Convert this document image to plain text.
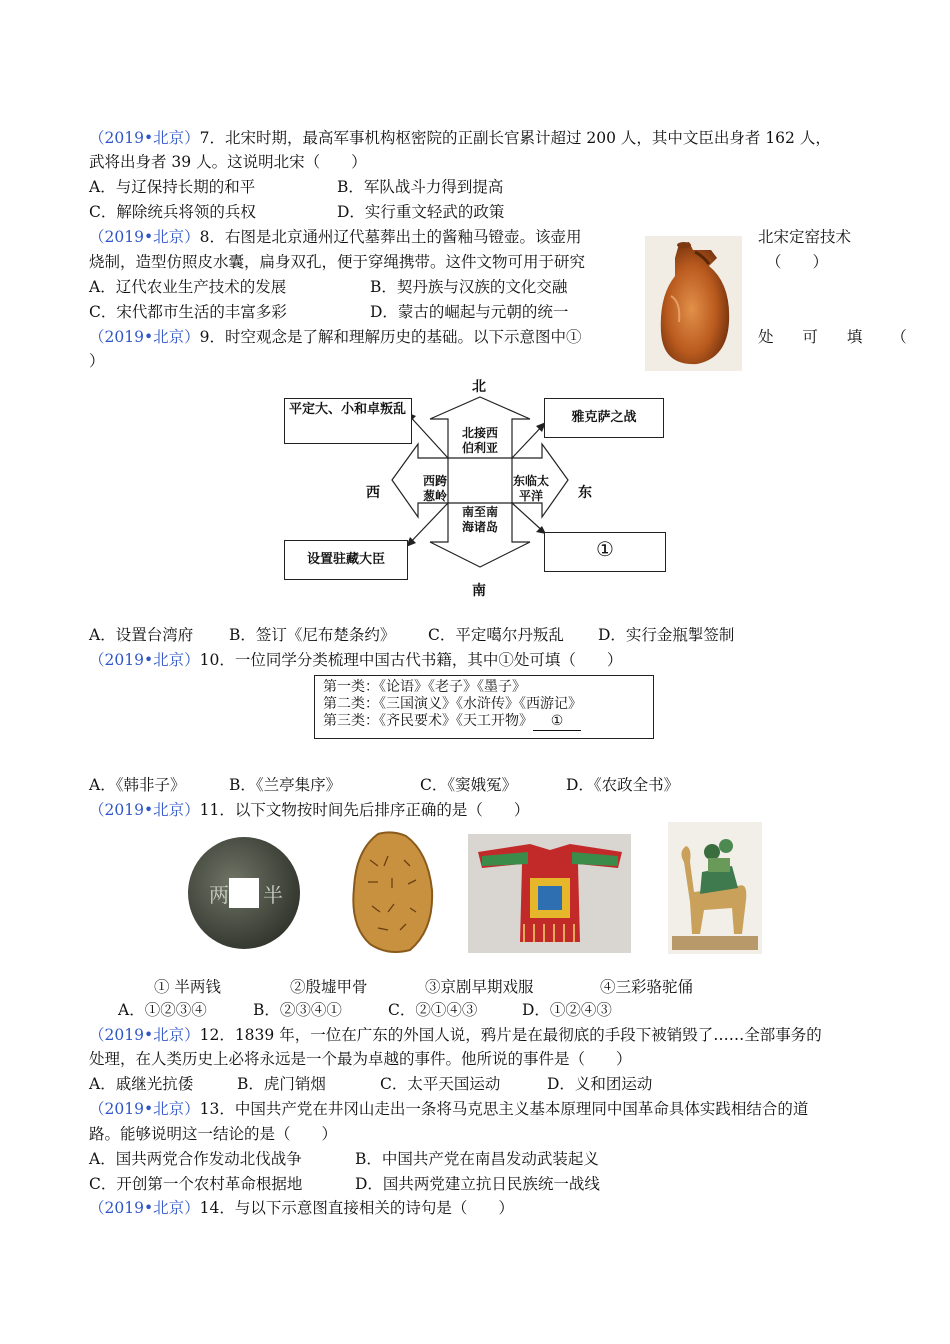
（2019•北京）7．北宋时期，最高军事机构枢密院的正副长官累计超过 200 人，其中文臣出身者 162 人，
武将出身者 39 人。这说明北宋（　　）
A．与辽保持长期的和平	B．军队战斗力得到提高
C．解除统兵将领的兵权	D．实行重文轻武的政策
（2019•北京）8．右图是北京通州辽代墓葬出土的酱釉马镫壶。该壶用	北宋定窑技术
烧制，造型仿照皮水囊，扁身双孔，便于穿绳携带。这件文物可用于研究	（　　）
A．辽代农业生产技术的发展	B．契丹族与汉族的文化交融
C．宋代都市生活的丰富多彩	D．蒙古的崛起与元朝的统一
（2019•北京）9．时空观念是了解和理解历史的基础。以下示意图中①	处 可 填 （
）
北
南
西	东
北接西伯利亚
西跨葱岭
东临太平洋
南至南海诸岛
平定大、小和卓叛乱
雅克萨之战
设置驻藏大臣	①
A．设置台湾府 B．签订《尼布楚条约》 C．平定噶尔丹叛乱 D．实行金瓶掣签制
（2019•北京）10．一位同学分类梳理中国古代书籍，其中①处可填（　　）
第一类：《论语》《老子》《墨子》
第二类：《三国演义》《水浒传》《西游记》
第三类：《齐民要术》《天工开物》 ①
A．《韩非子》	B．《兰亭集序》	C．《窦娥冤》	D．《农政全书》
（2019•北京）11．以下文物按时间先后排序正确的是（　　）
两 半
① 半两钱	②殷墟甲骨	③京剧早期戏服	④三彩骆驼俑
A．①②③④	B．②③④①	C．②①④③	D．①②④③
（2019•北京）12．1839 年，一位在广东的外国人说，鸦片是在最彻底的手段下被销毁了……全部事务的
处理，在人类历史上必将永远是一个最为卓越的事件。他所说的事件是（　　）
A．戚继光抗倭	B．虎门销烟	C．太平天国运动	D．义和团运动
（2019•北京）13．中国共产党在井冈山走出一条将马克思主义基本原理同中国革命具体实践相结合的道
路。能够说明这一结论的是（　　）
A．国共两党合作发动北伐战争	B．中国共产党在南昌发动武装起义
C．开创第一个农村革命根据地	D．国共两党建立抗日民族统一战线
（2019•北京）14．与以下示意图直接相关的诗句是（　　）
